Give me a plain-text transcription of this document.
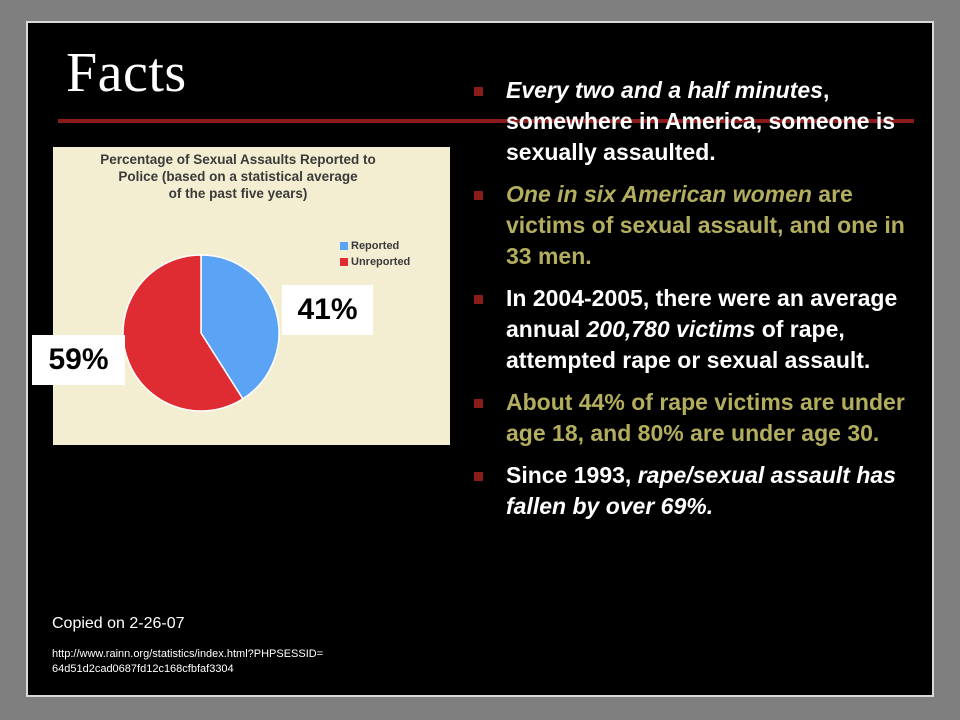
Facts
Percentage of Sexual Assaults Reported to
Police (based on a statistical average
of the past five years)
Reported
Unreported
41%
59%
Every two and a half minutes, somewhere in America, someone is sexually assaulted.
One in six American women are victims of sexual assault, and one in 33 men.
In 2004-2005, there were an average annual 200,780 victims of rape, attempted rape or sexual assault.
About 44% of rape victims are under age 18, and 80% are under age 30.
Since 1993, rape/sexual assault has fallen by over 69%.
Copied on 2-26-07
http://www.rainn.org/statistics/index.html?PHPSESSID=
64d51d2cad0687fd12c168cfbfaf3304
